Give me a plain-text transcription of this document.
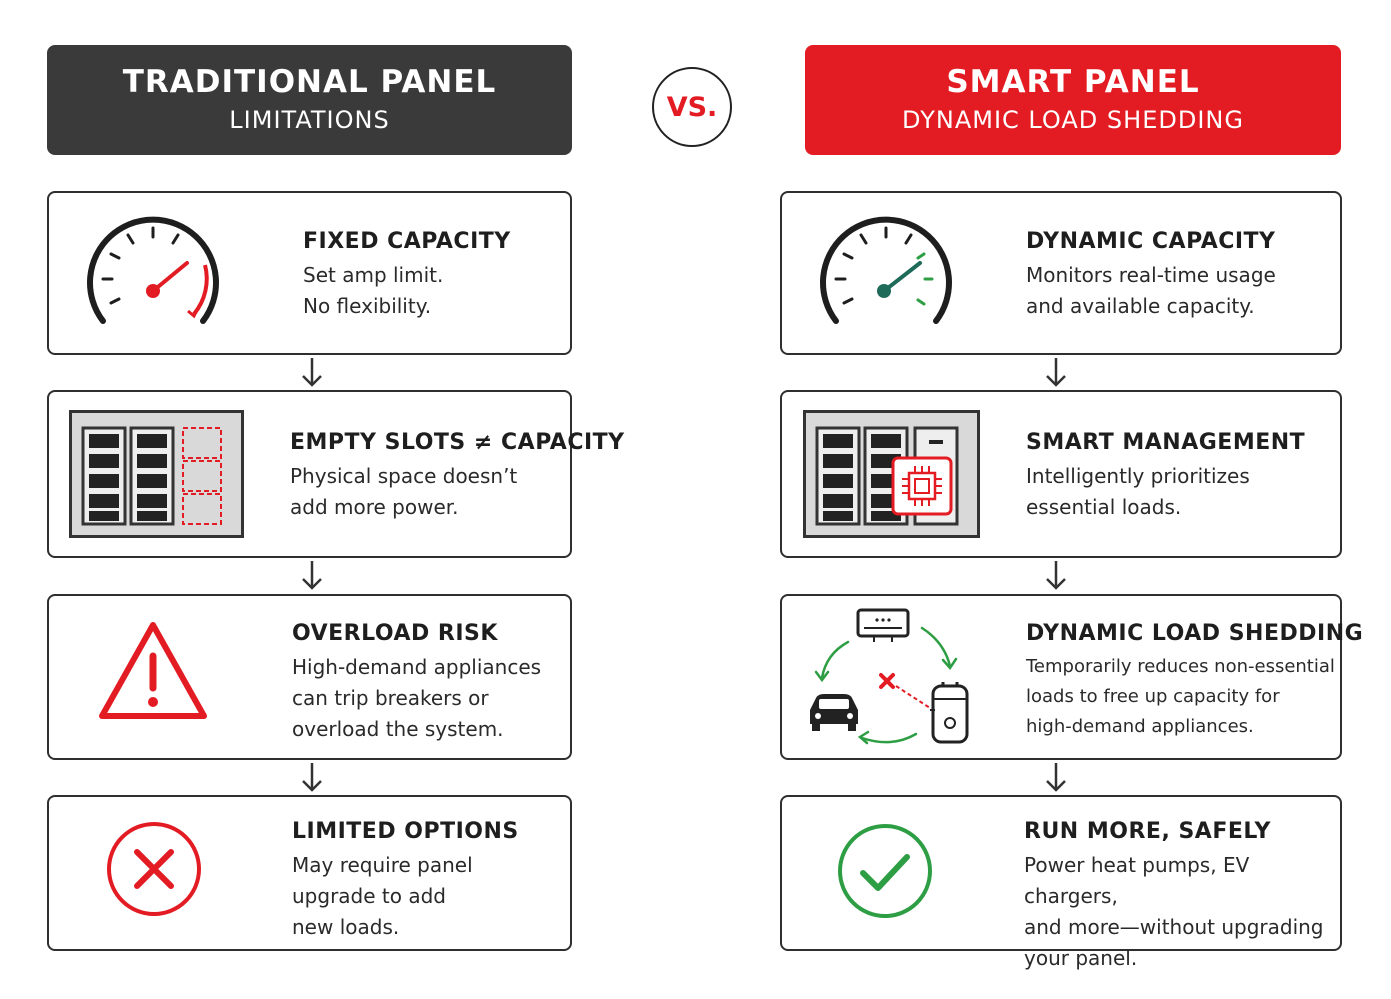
TRADITIONAL PANEL
LIMITATIONS	VS.
SMART PANEL
DYNAMIC LOAD SHEDDING
FIXED CAPACITY
Set amp limit.
No flexibility.
EMPTY SLOTS ≠ CAPACITY
Physical space doesn’t
add more power.
OVERLOAD RISK
High-demand appliances
can trip breakers or
overload the system.
LIMITED OPTIONS
May require panel
upgrade to add
new loads.
DYNAMIC CAPACITY
Monitors real-time usage
and available capacity.
SMART MANAGEMENT
Intelligently prioritizes
essential loads.
DYNAMIC LOAD SHEDDING
Temporarily reduces non-essential
loads to free up capacity for
high-demand appliances.
RUN MORE, SAFELY
Power heat pumps, EV chargers,
and more—without upgrading
your panel.
